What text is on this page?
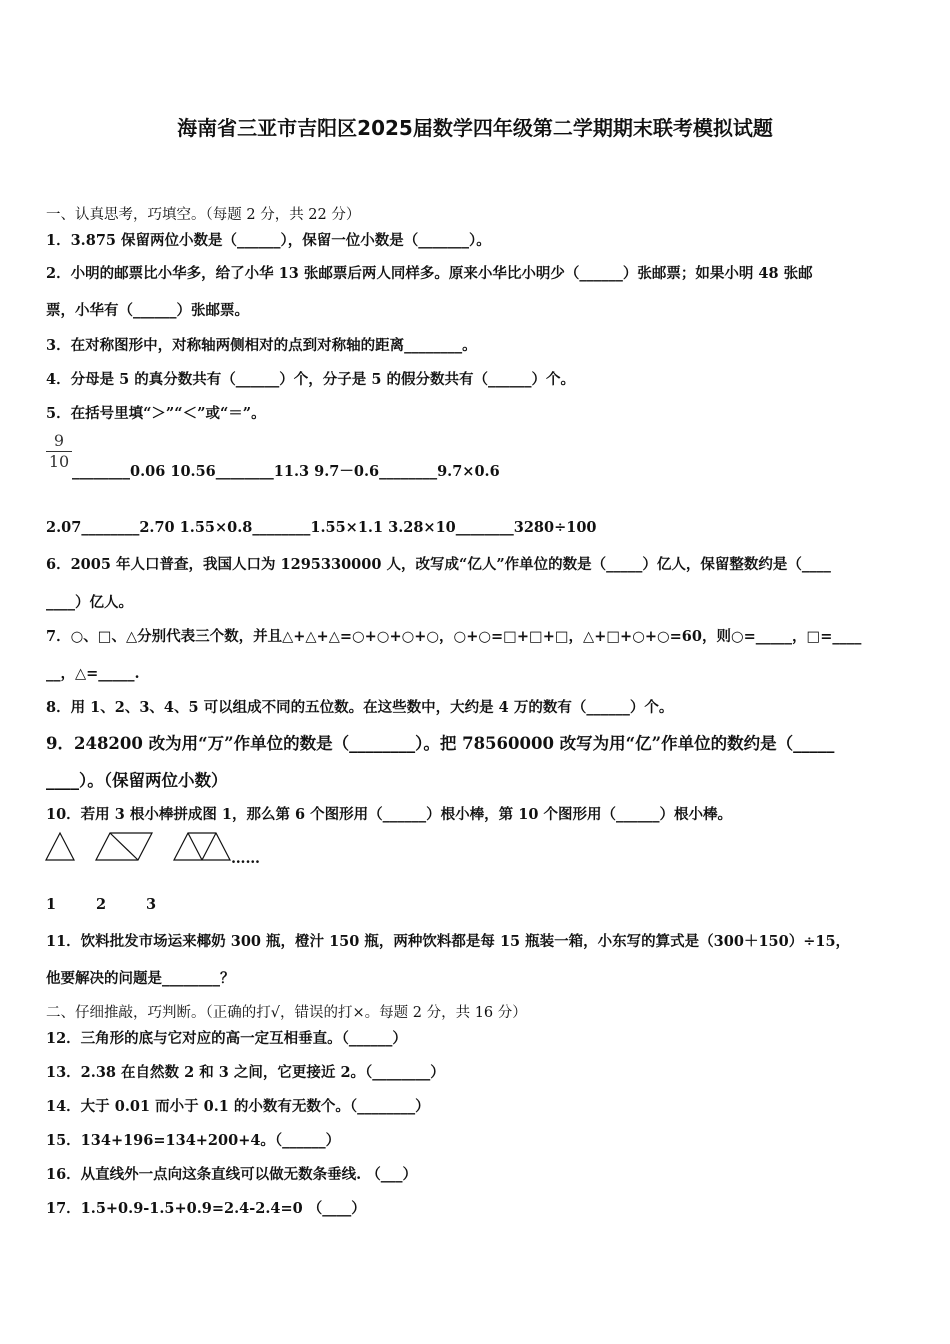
海南省三亚市吉阳区2025届数学四年级第二学期期末联考模拟试题
一、认真思考，巧填空。（每题 2 分，共 22 分）
1．3.875 保留两位小数是（______），保留一位小数是（_______）。
2．小明的邮票比小华多，给了小华 13 张邮票后两人同样多。原来小华比小明少（______）张邮票；如果小明 48 张邮
票，小华有（______）张邮票。
3．在对称图形中，对称轴两侧相对的点到对称轴的距离________。
4．分母是 5 的真分数共有（______）个，分子是 5 的假分数共有（______）个。
5．在括号里填“＞”“＜”或“＝”。
9
10
________0.06 10.56________11.3 9.7－0.6________9.7×0.6
2.07________2.70 1.55×0.8________1.55×1.1 3.28×10________3280÷100
6．2005 年人口普查，我国人口为 1295330000 人，改写成“亿人”作单位的数是（_____）亿人，保留整数约是（____
____）亿人。
7．○、□、△分别代表三个数，并且△+△+△=○+○+○+○，○+○=□+□+□，△+□+○+○=60，则○=_____，□=____
__，△=_____.
8．用 1、2、3、4、5 可以组成不同的五位数。在这些数中，大约是 4 万的数有（______）个。
9．248200 改为用“万”作单位的数是（________）。把 78560000 改写为用“亿”作单位的数约是（_____
____）。（保留两位小数）
10．若用 3 根小棒拼成图 1，那么第 6 个图形用（______）根小棒，第 10 个图形用（______）根小棒。
……
1	2	3
11．饮料批发市场运来椰奶 300 瓶，橙汁 150 瓶，两种饮料都是每 15 瓶装一箱，小东写的算式是（300＋150）÷15，
他要解决的问题是________？
二、仔细推敲，巧判断。（正确的打√，错误的打×。每题 2 分，共 16 分）
12．三角形的底与它对应的高一定互相垂直。（______）
13．2.38 在自然数 2 和 3 之间，它更接近 2。（________）
14．大于 0.01 而小于 0.1 的小数有无数个。（________）
15．134+196=134+200+4。（______）
16．从直线外一点向这条直线可以做无数条垂线. （___）
17．1.5+0.9-1.5+0.9=2.4-2.4=0 （____）
